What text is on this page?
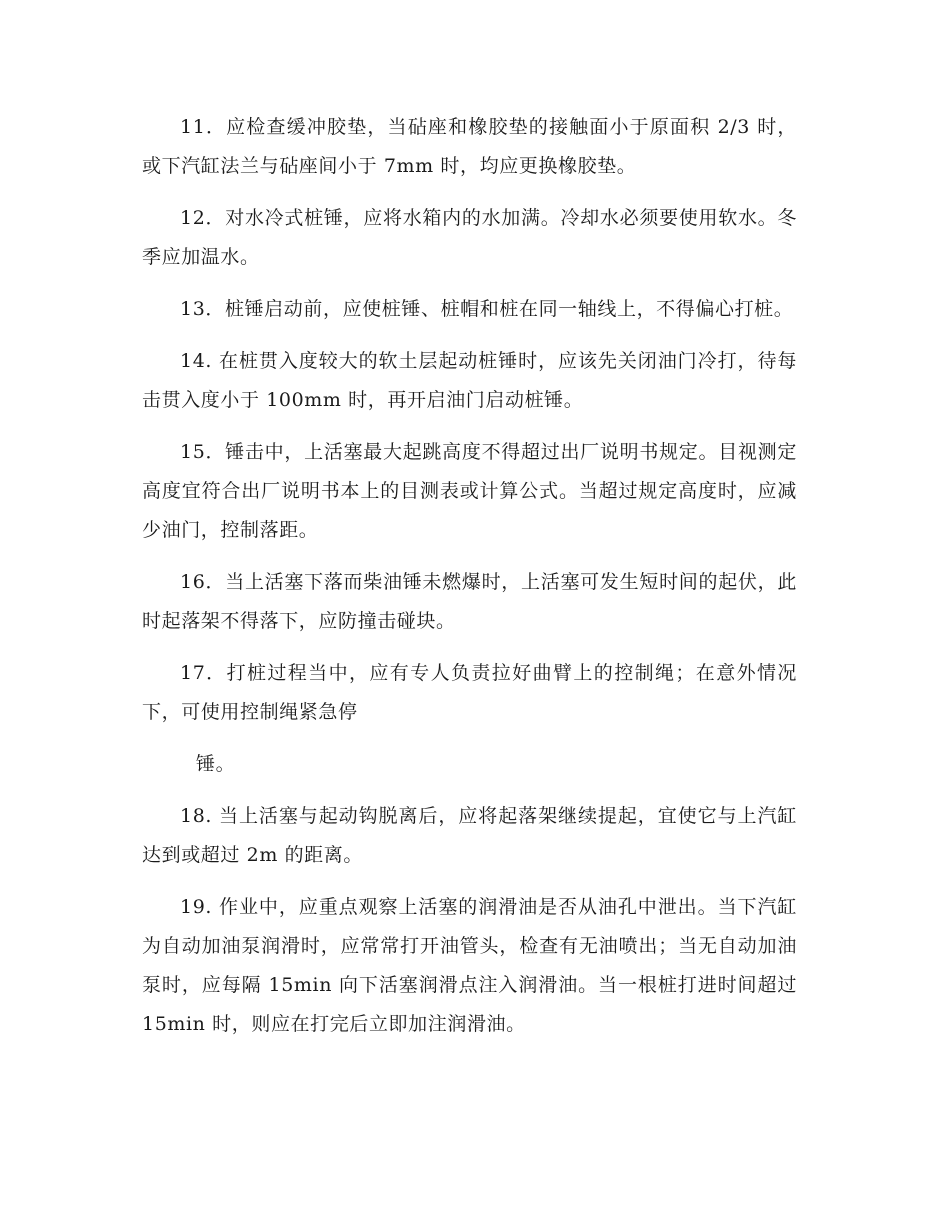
11．应检查缓冲胶垫，当砧座和橡胶垫的接触面小于原面积 2/3 时，或下汽缸法兰与砧座间小于 7mm 时，均应更换橡胶垫。

12．对水冷式桩锤，应将水箱内的水加满。冷却水必须要使用软水。冬季应加温水。

13．桩锤启动前，应使桩锤、桩帽和桩在同一轴线上，不得偏心打桩。

14. 在桩贯入度较大的软土层起动桩锤时，应该先关闭油门冷打，待每击贯入度小于 100mm 时，再开启油门启动桩锤。

15．锤击中，上活塞最大起跳高度不得超过出厂说明书规定。目视测定高度宜符合出厂说明书本上的目测表或计算公式。当超过规定高度时，应减少油门，控制落距。

16．当上活塞下落而柴油锤未燃爆时，上活塞可发生短时间的起伏，此时起落架不得落下，应防撞击碰块。

17．打桩过程当中，应有专人负责拉好曲臂上的控制绳；在意外情况下，可使用控制绳紧急停

锤。

18. 当上活塞与起动钩脱离后，应将起落架继续提起，宜使它与上汽缸达到或超过 2m 的距离。

19. 作业中，应重点观察上活塞的润滑油是否从油孔中泄出。当下汽缸为自动加油泵润滑时，应常常打开油管头，检查有无油喷出；当无自动加油泵时，应每隔 15min 向下活塞润滑点注入润滑油。当一根桩打进时间超过 15min 时，则应在打完后立即加注润滑油。
